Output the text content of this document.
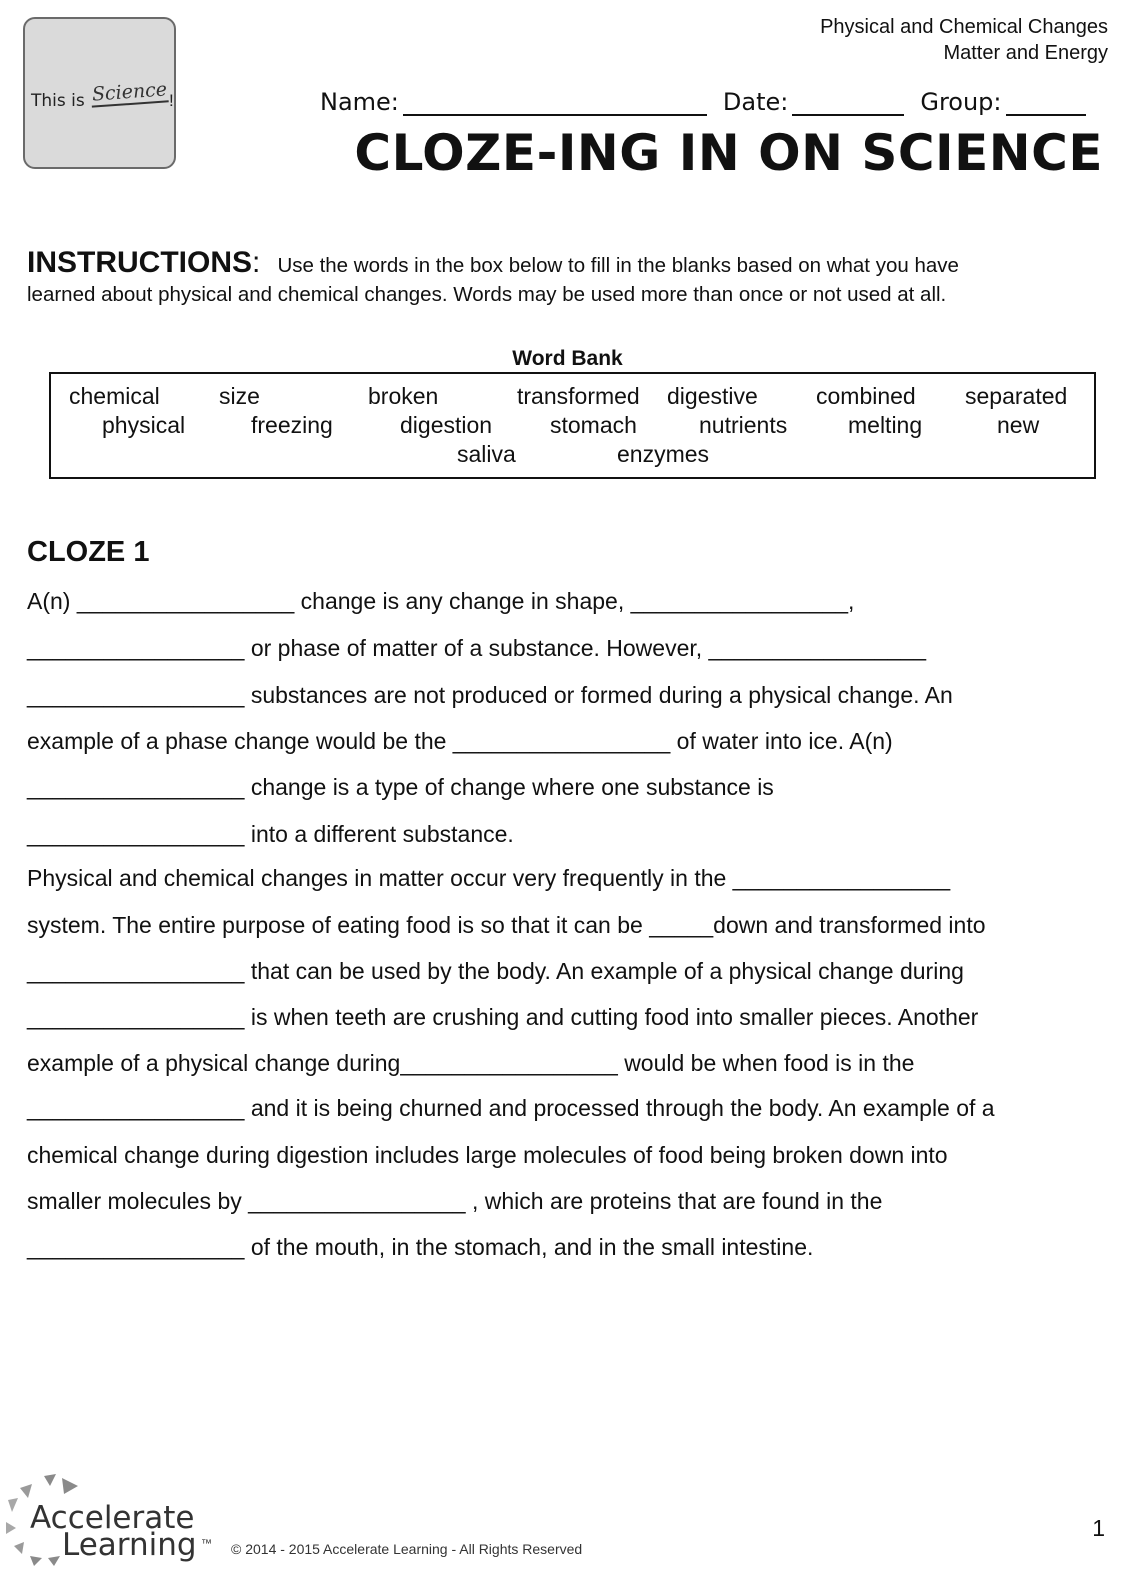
This is Science !
Physical and Chemical Changes
Matter and Energy
Name:	Date:	Group:
CLOZE-ING IN ON SCIENCE
INSTRUCTIONS: Use the words in the box below to fill in the blanks based on what you have
learned about physical and chemical changes. Words may be used more than once or not used at all.
Word Bank
chemical	size	broken	transformed digestive	combined separated
physical	freezing	digestion	stomach	nutrients	melting	new
saliva	enzymes
CLOZE 1
A(n) _________________ change is any change in shape, _________________,
_________________ or phase of matter of a substance. However, _________________
_________________ substances are not produced or formed during a physical change. An
example of a phase change would be the _________________ of water into ice. A(n)
_________________ change is a type of change where one substance is
_________________ into a different substance.
Physical and chemical changes in matter occur very frequently in the _________________
system. The entire purpose of eating food is so that it can be _____down and transformed into
_________________ that can be used by the body. An example of a physical change during
_________________ is when teeth are crushing and cutting food into smaller pieces. Another
example of a physical change during_________________ would be when food is in the
_________________ and it is being churned and processed through the body. An example of a
chemical change during digestion includes large molecules of food being broken down into
smaller molecules by _________________ , which are proteins that are found in the
_________________ of the mouth, in the stomach, and in the small intestine.
Accelerate
Learning ™ © 2014 - 2015 Accelerate Learning - All Rights Reserved
1
